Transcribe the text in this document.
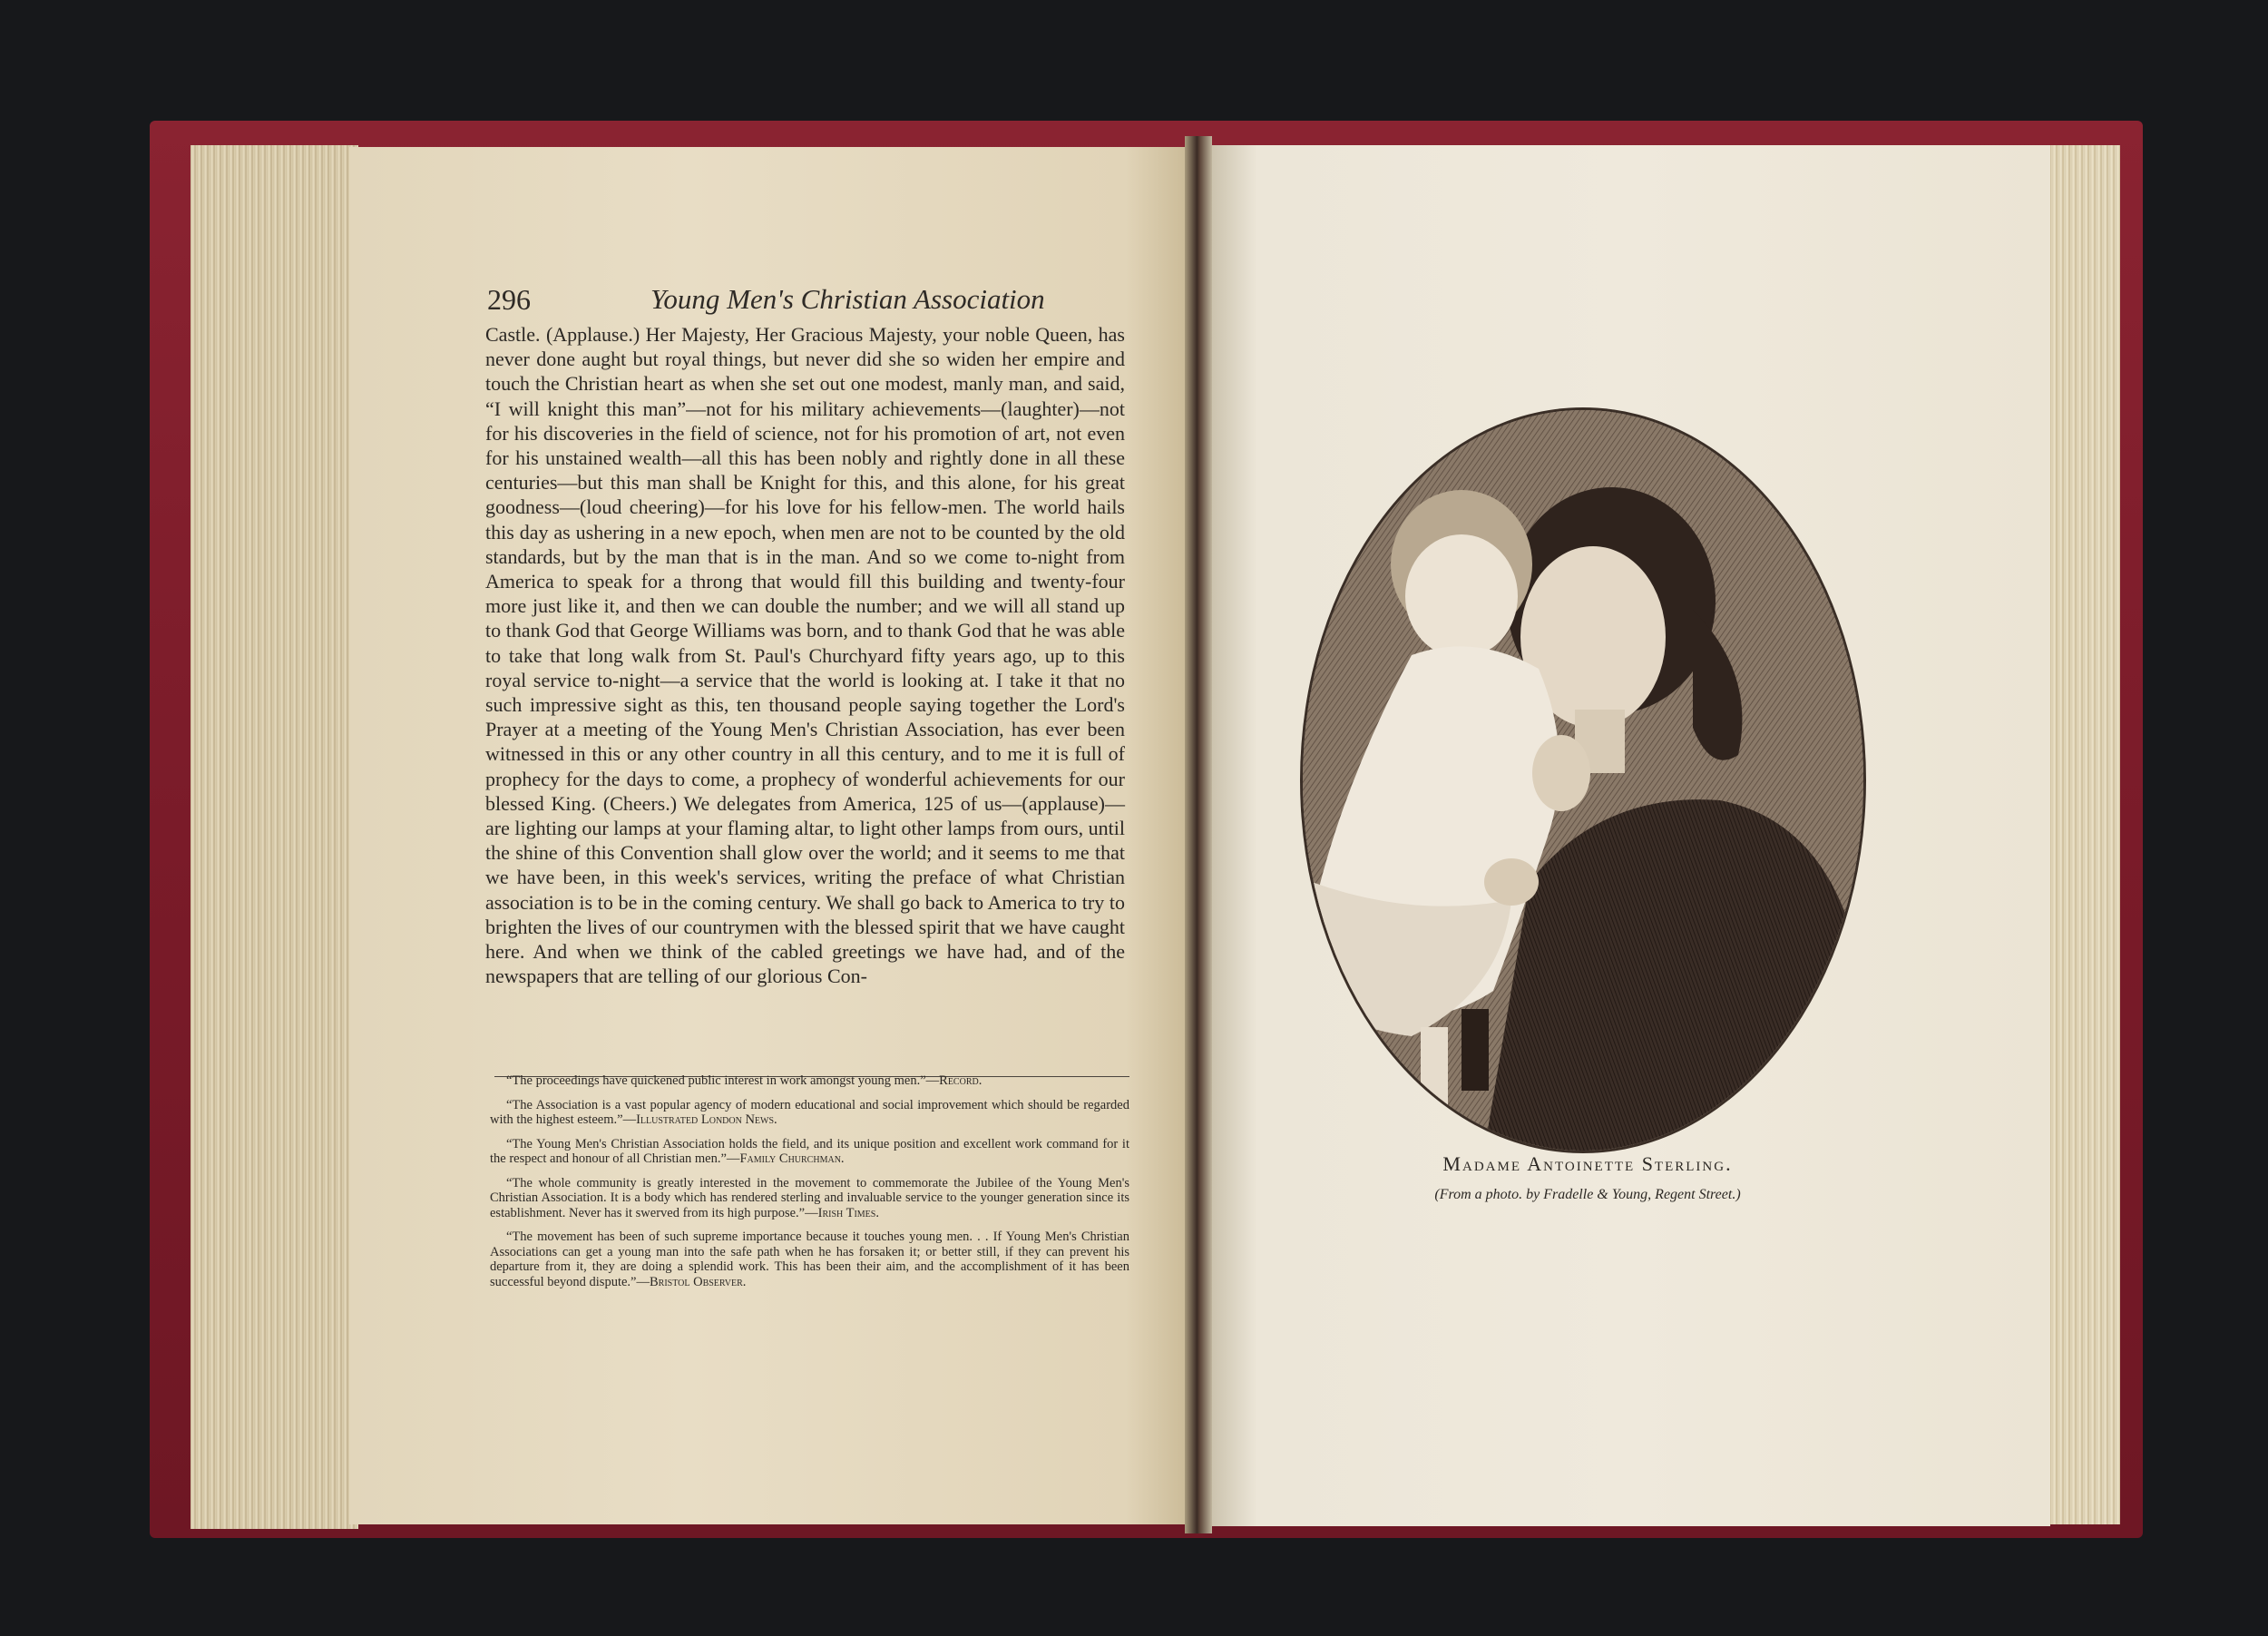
296	Young Men's Christian Association

Castle. (Applause.) Her Majesty, Her Gracious Majesty, your noble Queen, has never done aught but royal things, but never did she so widen her empire and touch the Christian heart as when she set out one modest, manly man, and said, “I will knight this man”—not for his military achievements—(laughter)—not for his discoveries in the field of science, not for his promotion of art, not even for his unstained wealth—all this has been nobly and rightly done in all these centuries—but this man shall be Knight for this, and this alone, for his great goodness—(loud cheering)—for his love for his fellow-men. The world hails this day as ushering in a new epoch, when men are not to be counted by the old standards, but by the man that is in the man. And so we come to-night from America to speak for a throng that would fill this building and twenty-four more just like it, and then we can double the number; and we will all stand up to thank God that George Williams was born, and to thank God that he was able to take that long walk from St. Paul's Churchyard fifty years ago, up to this royal service to-night—a service that the world is looking at. I take it that no such impressive sight as this, ten thousand people saying together the Lord's Prayer at a meeting of the Young Men's Christian Association, has ever been witnessed in this or any other country in all this century, and to me it is full of prophecy for the days to come, a prophecy of wonderful achievements for our blessed King. (Cheers.) We delegates from America, 125 of us—(applause)—are lighting our lamps at your flaming altar, to light other lamps from ours, until the shine of this Convention shall glow over the world; and it seems to me that we have been, in this week's services, writing the preface of what Christian association is to be in the coming century. We shall go back to America to try to brighten the lives of our countrymen with the blessed spirit that we have caught here. And when we think of the cabled greetings we have had, and of the newspapers that are telling of our glorious Con-

“The proceedings have quickened public interest in work amongst young men.”—Record.

“The Association is a vast popular agency of modern educational and social improvement which should be regarded with the highest esteem.”—Illustrated London News.

“The Young Men's Christian Association holds the field, and its unique position and excellent work command for it the respect and honour of all Christian men.”—Family Churchman.

“The whole community is greatly interested in the movement to commemorate the Jubilee of the Young Men's Christian Association. It is a body which has rendered sterling and invaluable service to the younger generation since its establishment. Never has it swerved from its high purpose.”—Irish Times.

“The movement has been of such supreme importance because it touches young men. . . If Young Men's Christian Associations can get a young man into the safe path when he has forsaken it; or better still, if they can prevent his departure from it, they are doing a splendid work. This has been their aim, and the accomplishment of it has been successful beyond dispute.”—Bristol Observer.

Madame Antoinette Sterling.
(From a photo. by Fradelle & Young, Regent Street.)
